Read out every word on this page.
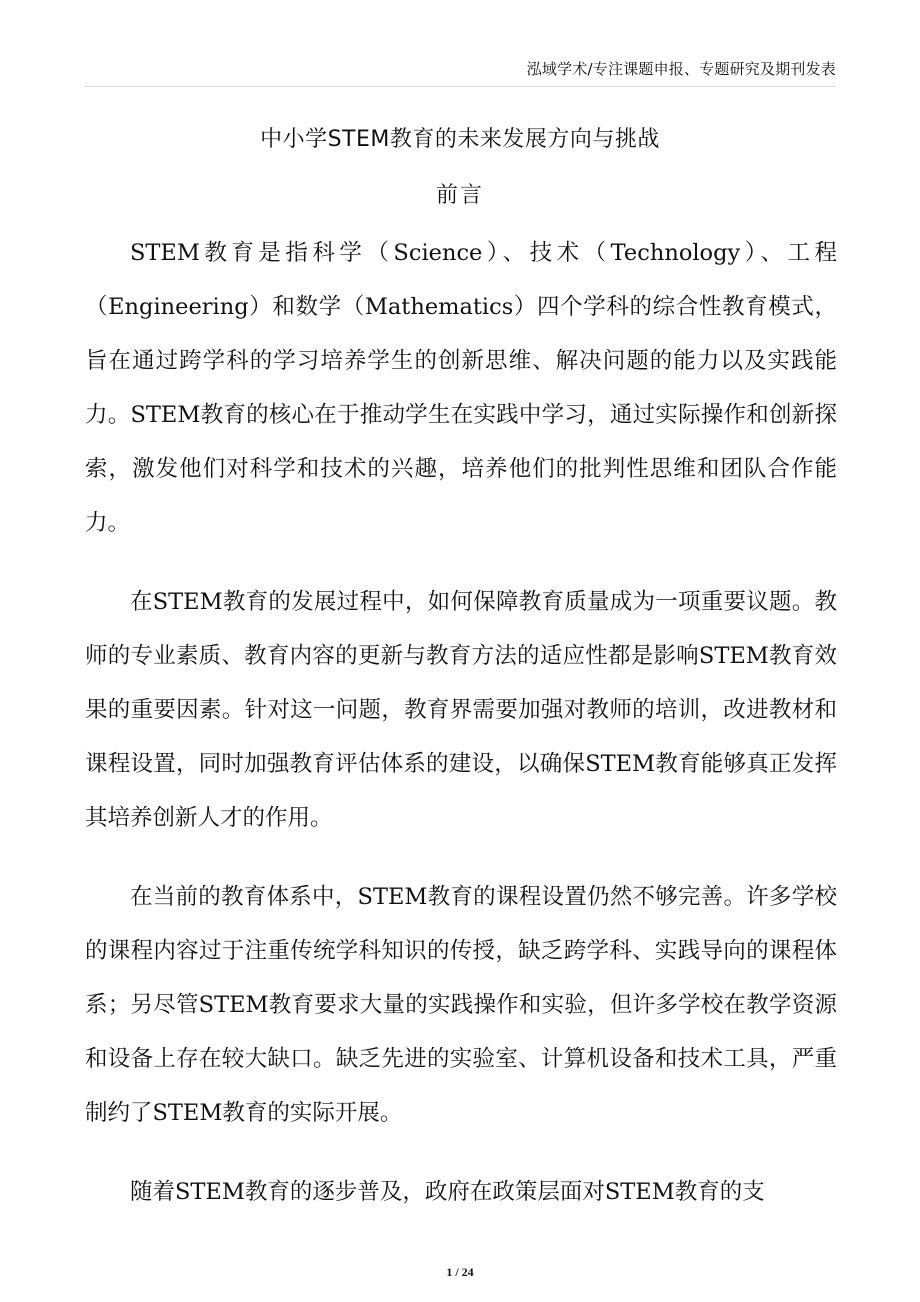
泓域学术/专注课题申报、专题研究及期刊发表
中小学STEM教育的未来发展方向与挑战
前言

STEM教育是指科学（Science）、技术（Technology）、工程（Engineering）和数学（Mathematics）四个学科的综合性教育模式，旨在通过跨学科的学习培养学生的创新思维、解决问题的能力以及实践能力。STEM教育的核心在于推动学生在实践中学习，通过实际操作和创新探索，激发他们对科学和技术的兴趣，培养他们的批判性思维和团队合作能力。

在STEM教育的发展过程中，如何保障教育质量成为一项重要议题。教师的专业素质、教育内容的更新与教育方法的适应性都是影响STEM教育效果的重要因素。针对这一问题，教育界需要加强对教师的培训，改进教材和课程设置，同时加强教育评估体系的建设，以确保STEM教育能够真正发挥其培养创新人才的作用。

在当前的教育体系中，STEM教育的课程设置仍然不够完善。许多学校的课程内容过于注重传统学科知识的传授，缺乏跨学科、实践导向的课程体系；另尽管STEM教育要求大量的实践操作和实验，但许多学校在教学资源和设备上存在较大缺口。缺乏先进的实验室、计算机设备和技术工具，严重制约了STEM教育的实际开展。

随着STEM教育的逐步普及，政府在政策层面对STEM教育的支

1 / 24
